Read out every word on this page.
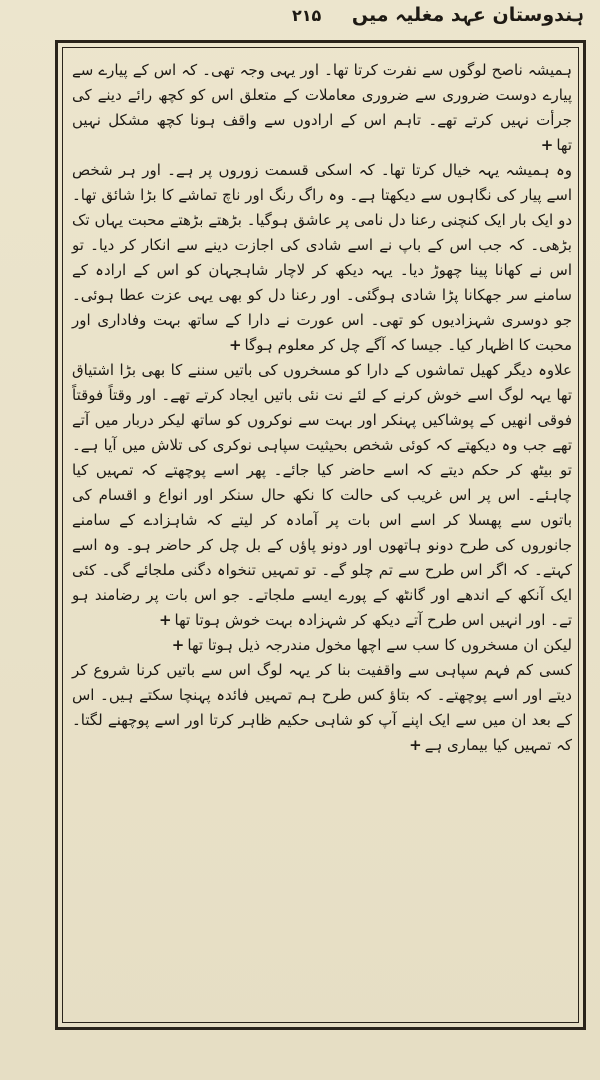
۲۱۵ ہندوستان عہد مغلیہ میں

ہمیشہ ناصح لوگوں سے نفرت کرتا تھا۔ اور یہی وجہ تھی۔ کہ اس کے پیارے سے پیارے دوست ضروری سے ضروری معاملات کے متعلق اس کو کچھ رائے دینے کی جرأت نہیں کرتے تھے۔ تاہم اس کے ارادوں سے واقف ہونا کچھ مشکل نہیں تھا+

وہ ہمیشہ یہہ خیال کرتا تھا۔ کہ اسکی قسمت زوروں پر ہے۔ اور ہر شخص اسے پیار کی نگاہوں سے دیکھتا ہے۔ وہ راگ رنگ اور ناچ تماشے کا بڑا شائق تھا۔ دو ایک بار ایک کنچنی رعنا دل نامی پر عاشق ہوگیا۔ بڑھتے بڑھتے محبت یہاں تک بڑھی۔ کہ جب اس کے باپ نے اسے شادی کی اجازت دینے سے انکار کر دیا۔ تو اس نے کھانا پینا چھوڑ دیا۔ یہہ دیکھ کر لاچار شاہجہان کو اس کے ارادہ کے سامنے سر جھکانا پڑا شادی ہوگئی۔ اور رعنا دل کو بھی یہی عزت عطا ہوئی۔ جو دوسری شہزادیوں کو تھی۔ اس عورت نے دارا کے ساتھ بہت وفاداری اور محبت کا اظہار کیا۔ جیسا کہ آگے چل کر معلوم ہوگا+

علاوہ دیگر کھیل تماشوں کے دارا کو مسخروں کی باتیں سننے کا بھی بڑا اشتیاق تھا یہہ لوگ اسے خوش کرنے کے لئے نت نئی باتیں ایجاد کرتے تھے۔ اور وقتاً فوقتاً فوقی انھیں کے پوشاکیں پہنکر اور بہت سے نوکروں کو ساتھ لیکر دربار میں آتے تھے جب وہ دیکھتے کہ کوئی شخص بحیثیت سپاہی نوکری کی تلاش میں آیا ہے۔ تو بیٹھ کر حکم دیتے کہ اسے حاضر کیا جائے۔ پھر اسے پوچھتے کہ تمہیں کیا چاہئے۔ اس پر اس غریب کی حالت کا نکھ حال سنکر اور انواع و اقسام کی باتوں سے پھسلا کر اسے اس بات پر آمادہ کر لیتے کہ شاہزادے کے سامنے جانوروں کی طرح دونو ہاتھوں اور دونو پاؤں کے بل چل کر حاضر ہو۔ وہ اسے کہتے۔ کہ اگر اس طرح سے تم چلو گے۔ تو تمہیں تنخواہ دگنی ملجائے گی۔ کئی ایک آنکھ کے اندھے اور گانٹھ کے پورے ایسے ملجاتے۔ جو اس بات پر رضامند ہو تے۔ اور انہیں اس طرح آتے دیکھ کر شہزادہ بہت خوش ہوتا تھا+

لیکن ان مسخروں کا سب سے اچھا مخول مندرجہ ذیل ہوتا تھا+

کسی کم فہم سپاہی سے واقفیت بنا کر یہہ لوگ اس سے باتیں کرنا شروع کر دیتے اور اسے پوچھتے۔ کہ بتاؤ کس طرح ہم تمہیں فائدہ پہنچا سکتے ہیں۔ اس کے بعد ان میں سے ایک اپنے آپ کو شاہی حکیم ظاہر کرتا اور اسے پوچھنے لگتا۔ کہ تمہیں کیا بیماری ہے+
